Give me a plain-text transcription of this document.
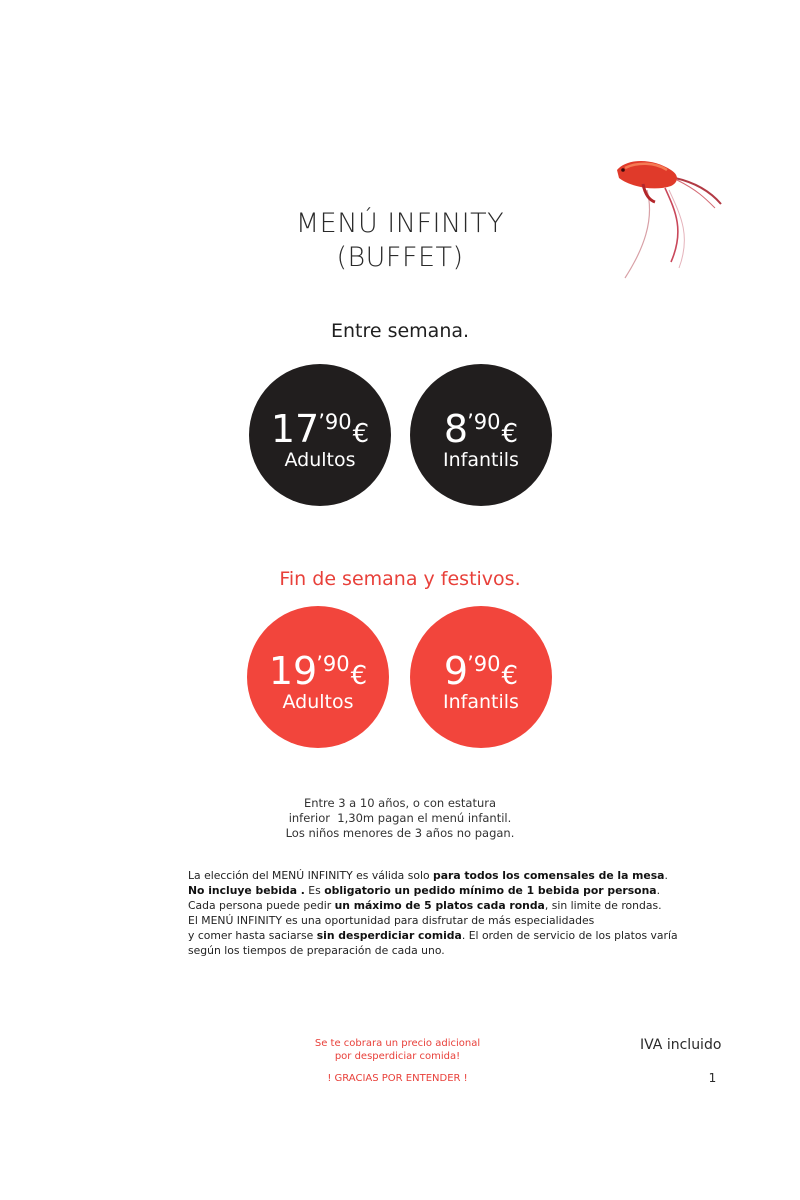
MENÚ INFINITY
(BUFFET)
Entre semana.
17’90€
Adultos
8’90€
Infantils
Fin de semana y festivos.
19’90€
Adultos
9’90€
Infantils
Entre 3 a 10 años, o con estatura
inferior  1,30m pagan el menú infantil.
Los niños menores de 3 años no pagan.

La elección del MENÚ INFINITY es válida solo para todos los comensales de la mesa.

No incluye bebida . Es obligatorio un pedido mínimo de 1 bebida por persona.

Cada persona puede pedir un máximo de 5 platos cada ronda, sin limite de rondas.

El MENÚ INFINITY es una oportunidad para disfrutar de más especialidades

y comer hasta saciarse sin desperdiciar comida. El orden de servicio de los platos varía

según los tiempos de preparación de cada uno.

Se te cobrara un precio adicional
por desperdiciar comida!
! GRACIAS POR ENTENDER !
IVA incluido
1
